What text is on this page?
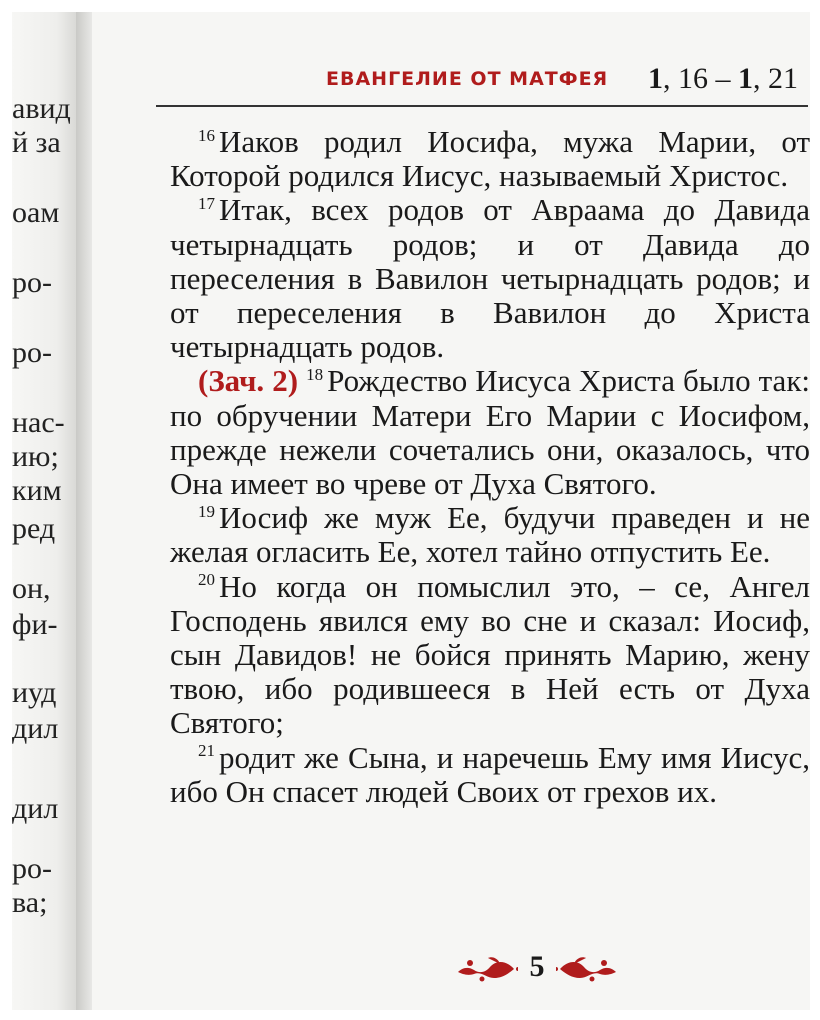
авид
й за
оам
ро-
ро-
нас-
ию;
ким
ред
он,
фи-
иуд
дил
дил
ро-
ва;
ЕВАНГЕЛИЕ ОТ МАТФЕЯ 1, 16 – 1, 21

$^{16}$ Иаков родил Иосифа, мужа Марии, от Которой родился Иисус, называемый Христос.

$^{17}$ Итак, всех родов от Авраама до Давида четырнадцать родов; и от Давида до переселения в Вавилон четырнадцать родов; и от переселения в Вавилон до Христа четырнадцать родов.

(Зач. 2) $^{18}$ Рождество Иисуса Христа было так: по обручении Матери Его Марии с Иосифом, прежде нежели сочетались они, оказалось, что Она имеет во чреве от Духа Святого.

$^{19}$ Иосиф же муж Ее, будучи праведен и не желая огласить Ее, хотел тайно отпустить Ее.

$^{20}$ Но когда он помыслил это, – се, Ангел Господень явился ему во сне и сказал: Иосиф, сын Давидов! не бойся принять Марию, жену твою, ибо родившееся в Ней есть от Духа Святого;

$^{21}$ родит же Сына, и наречешь Ему имя Иисус, ибо Он спасет людей Своих от грехов их.

5
